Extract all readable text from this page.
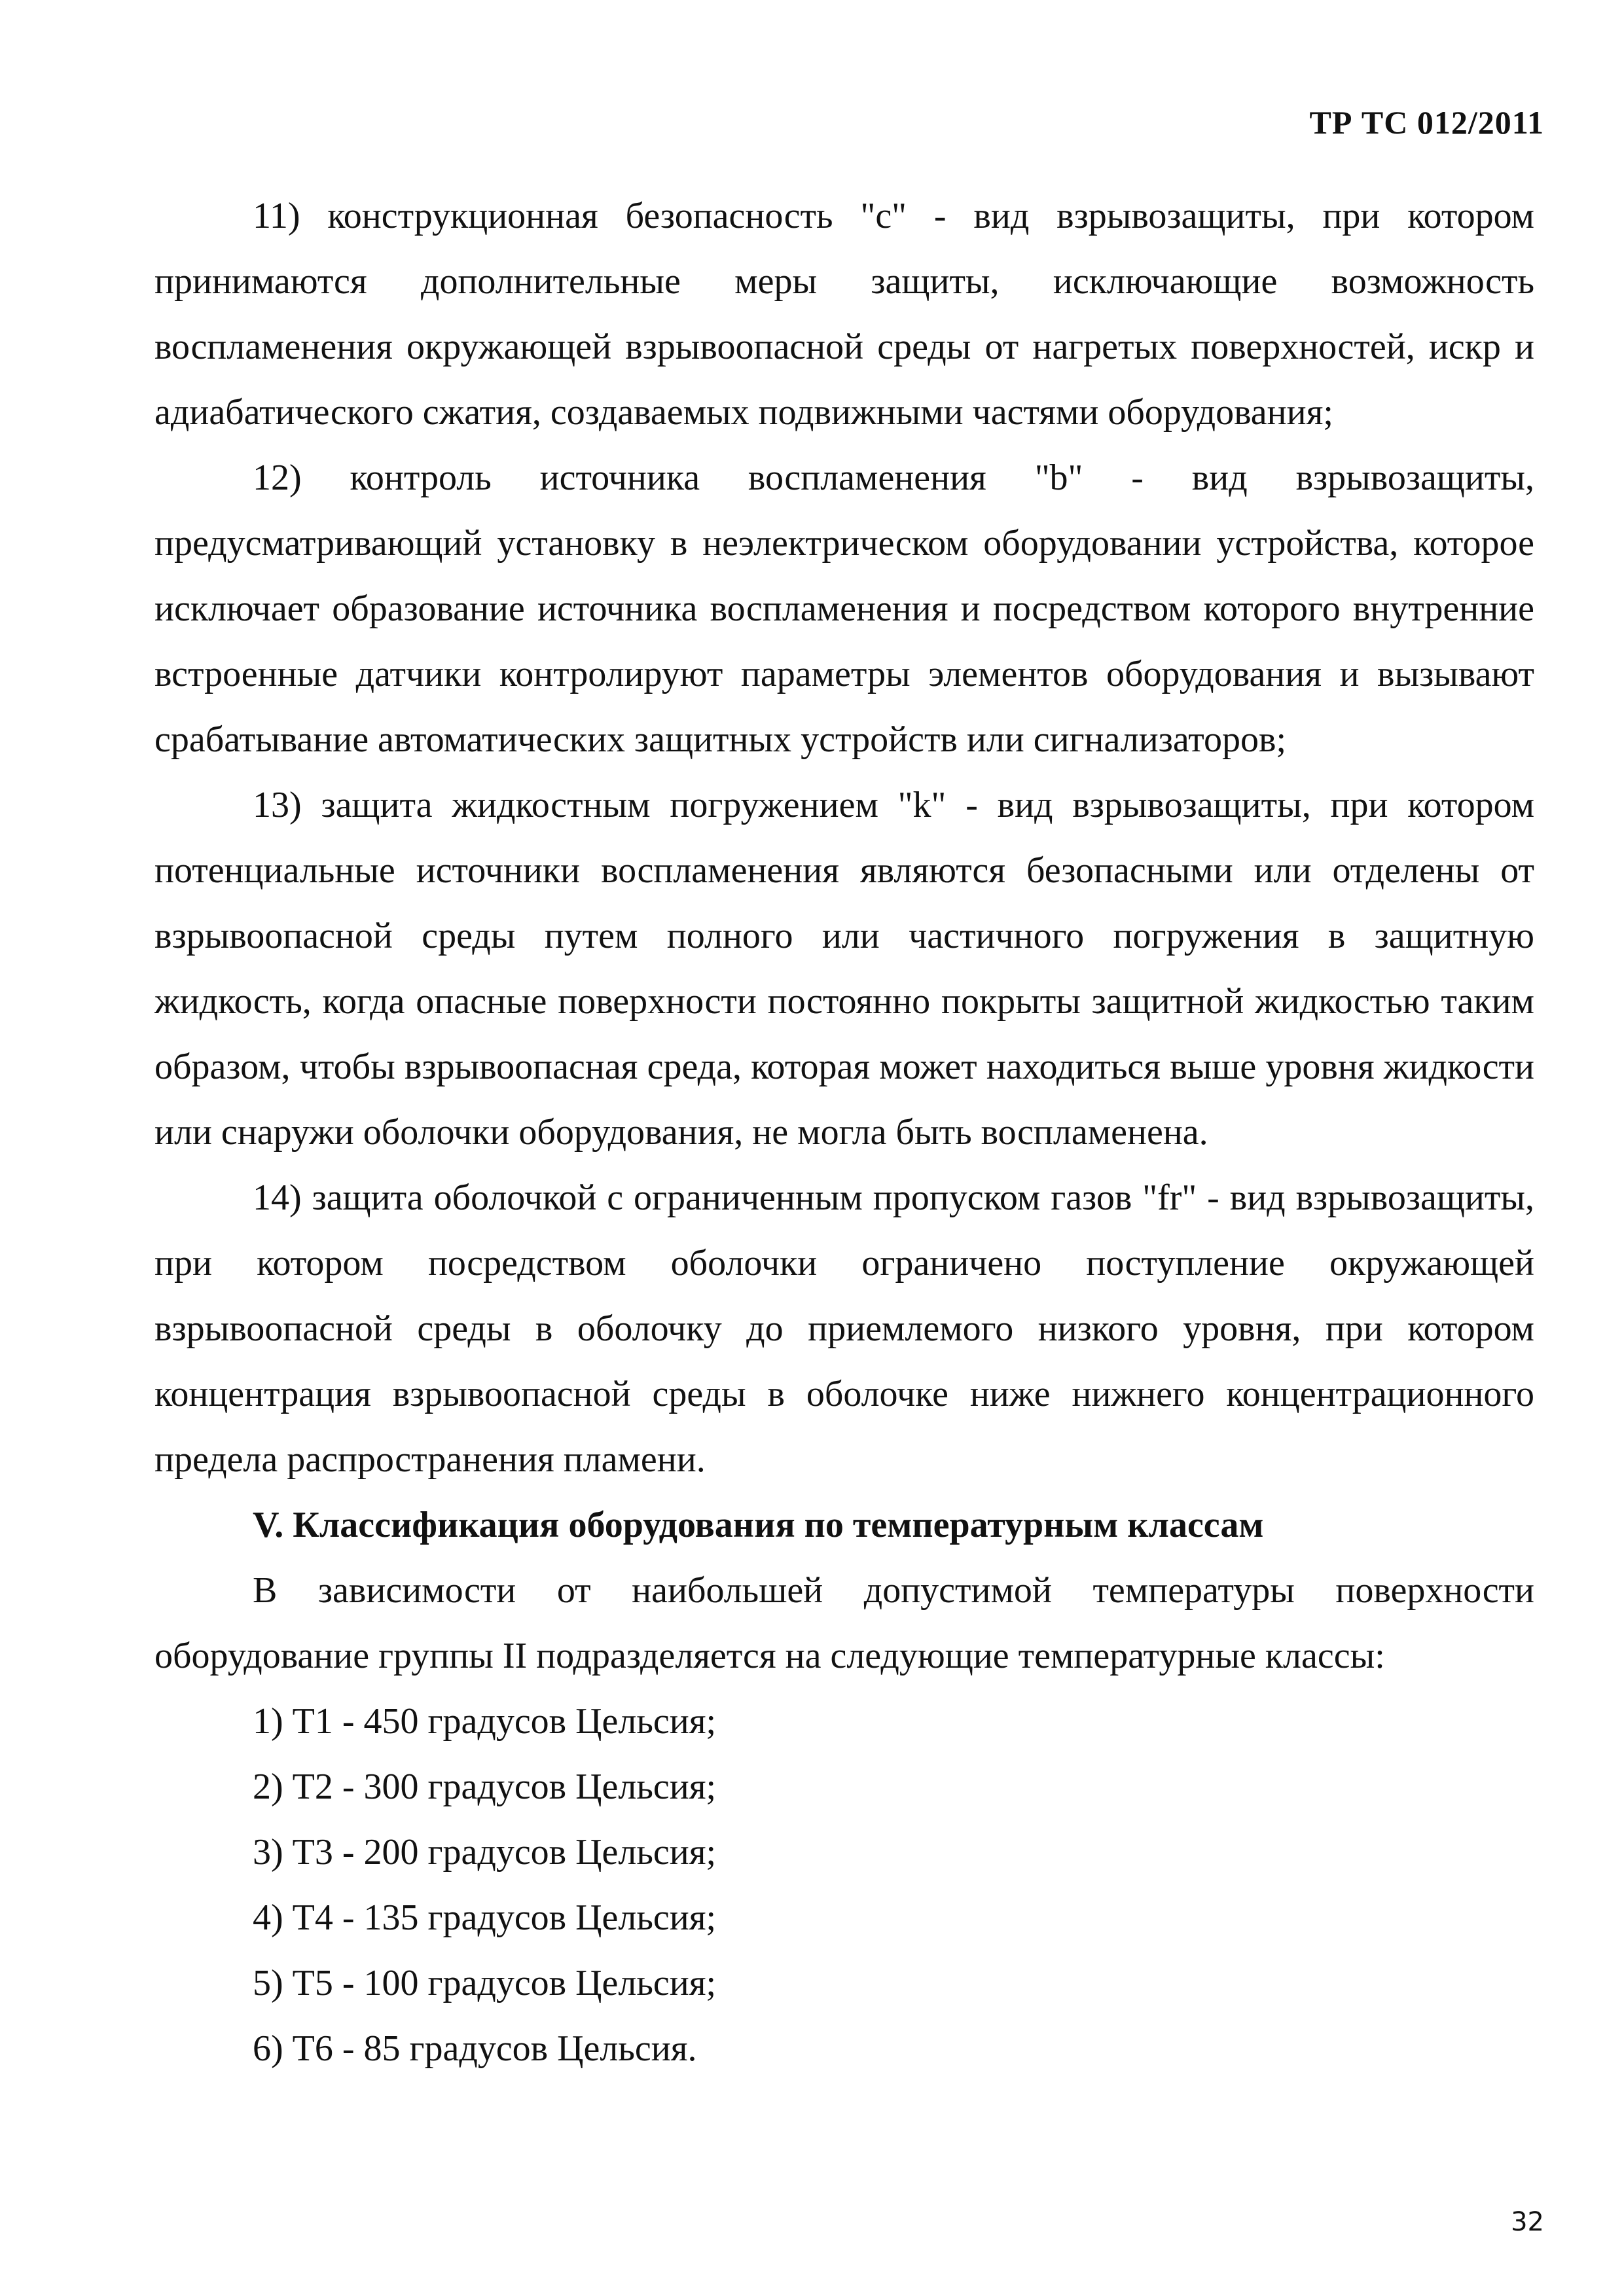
ТР ТС 012/2011

11) конструкционная безопасность "c" - вид взрывозащиты, при котором принимаются дополнительные меры защиты, исключающие возможность воспламенения окружающей взрывоопасной среды от нагретых поверхностей, искр и адиабатического сжатия, создаваемых подвижными частями оборудования;

12) контроль источника воспламенения "b" - вид взрывозащиты, предусматривающий установку в неэлектрическом оборудовании устройства, которое исключает образование источника воспламенения и посредством которого внутренние встроенные датчики контролируют параметры элементов оборудования и вызывают срабатывание автоматических защитных устройств или сигнализаторов;

13) защита жидкостным погружением "k" - вид взрывозащиты, при котором потенциальные источники воспламенения являются безопасными или отделены от взрывоопасной среды путем полного или частичного погружения в защитную жидкость, когда опасные поверхности постоянно покрыты защитной жидкостью таким образом, чтобы взрывоопасная среда, которая может находиться выше уровня жидкости или снаружи оболочки оборудования, не могла быть воспламенена.

14) защита оболочкой с ограниченным пропуском газов "fr" - вид взрывозащиты, при котором посредством оболочки ограничено поступление окружающей взрывоопасной среды в оболочку до приемлемого низкого уровня, при котором концентрация взрывоопасной среды в оболочке ниже нижнего концентрационного предела распространения пламени.

V. Классификация оборудования по температурным классам

В зависимости от наибольшей допустимой температуры поверхности оборудование группы II подразделяется на следующие температурные классы:

1) Т1 - 450 градусов Цельсия;

2) Т2 - 300 градусов Цельсия;

3) Т3 - 200 градусов Цельсия;

4) Т4 - 135 градусов Цельсия;

5) Т5 - 100 градусов Цельсия;

6) Т6 - 85 градусов Цельсия.

32
